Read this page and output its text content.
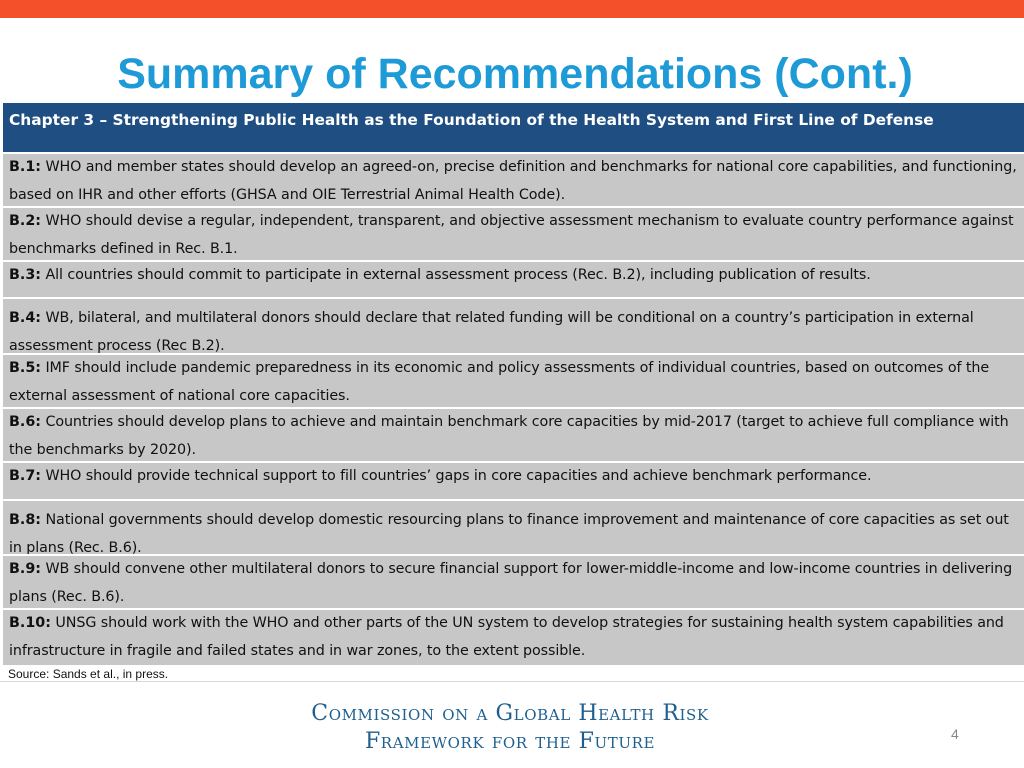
Summary of Recommendations (Cont.)
Chapter 3 – Strengthening Public Health as the Foundation of the Health System and First Line of Defense
B.1: WHO and member states should develop an agreed-on, precise definition and benchmarks for national core capabilities, and functioning, based on IHR and other efforts (GHSA and OIE Terrestrial Animal Health Code).
B.2: WHO should devise a regular, independent, transparent, and objective assessment mechanism to evaluate country performance against benchmarks defined in Rec. B.1.
B.3: All countries should commit to participate in external assessment process (Rec. B.2), including publication of results.
B.4: WB, bilateral, and multilateral donors should declare that related funding will be conditional on a country’s participation in external assessment process (Rec B.2).
B.5: IMF should include pandemic preparedness in its economic and policy assessments of individual countries, based on outcomes of the external assessment of national core capacities.
B.6: Countries should develop plans to achieve and maintain benchmark core capacities by mid-2017 (target to achieve full compliance with the benchmarks by 2020).
B.7: WHO should provide technical support to fill countries’ gaps in core capacities and achieve benchmark performance.
B.8: National governments should develop domestic resourcing plans to finance improvement and maintenance of core capacities as set out in plans (Rec. B.6).
B.9: WB should convene other multilateral donors to secure financial support for lower-middle-income and low-income countries in delivering plans (Rec. B.6).
B.10: UNSG should work with the WHO and other parts of the UN system to develop strategies for sustaining health system capabilities and infrastructure in fragile and failed states and in war zones, to the extent possible.
Source: Sands et al., in press.
Commission on a Global Health Risk
Framework for the Future	4
